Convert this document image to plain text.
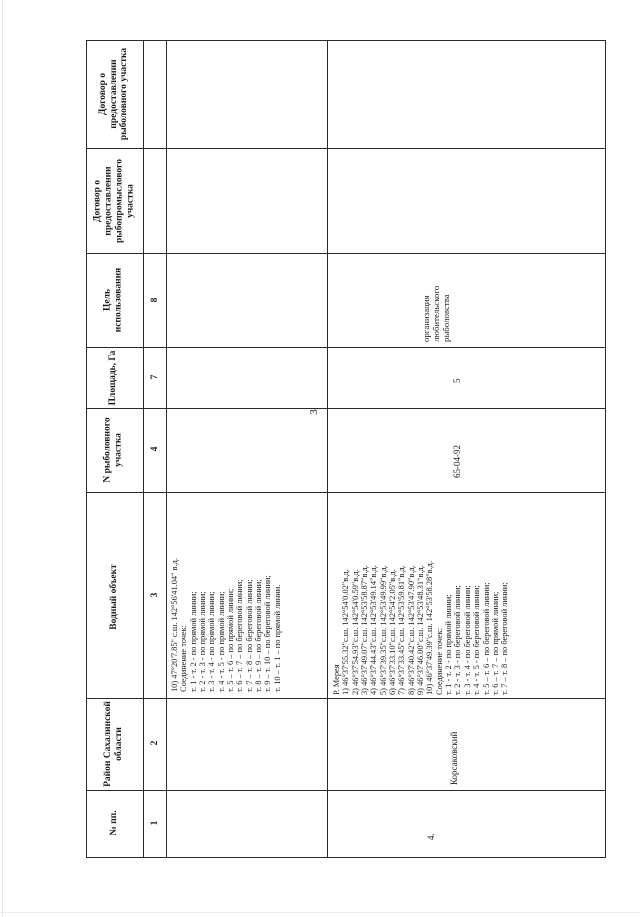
3
Договор о предоставлении рыболовного участка
Договор о предоставлении рыбопромыслового участка
Цель использования
Площадь, Га
N рыболовного участка
Водный объект
Район Сахалинской области
№ пп.
8
7
4
3
2
1
10) 47°20'7.85" с.ш. 142°56'41.04" в.д. Соединение точек: т. 1 - т. 2 - по прямой линии; т. 2 - т. 3 - по прямой линии; т. 3 - т. 4 - по прямой линии; т. 4 - т. 5 - по прямой линии; т. 5 – т. 6 – по прямой линии; т. 6 – т. 7 – по береговой линии; т. 7 – т. 8 – по береговой линии; т. 8 – т. 9 – по береговой линии; т. 9 – т. 10 – по береговой линии; т. 10 – т. 1 – по прямой линии.
4.
Корсаковский
65-04-92
5
организация любительского рыболовства
Р. Мерея 1) 46°37'55.32"с.ш. 142°54'0.02"в.д. 2) 46°37'54.93"с.ш. 142°54'0.59"в.д. 3) 46°37'49.07"с.ш. 142°53'58.87"в.д. 4) 46°37'44.43"с.ш. 142°53'49.14"в.д. 5) 46°37'39.35"с.ш. 142°53'49.99"в.д. 6) 46°37'33.10"с.ш. 142°54'2.05"в.д. 7) 46°37'33.45"с.ш. 142°53'59.81"в.д. 8) 46°37'40.42"с.ш. 142°53'47.90"в.д. 9) 46°37'46.00"с.ш. 142°53'48.31"в.д. 10) 46°37'49.39"с.ш. 142°53'58.28"в.д. Соединение точек: т. 1 - т. 2 - по прямой линии; т. 2 - т. 3 - по береговой линии; т. 3 - т. 4 - по береговой линии; т. 4 - т. 5 - по береговой линии; т. 5 – т. 6 – по береговой линии; т. 6 – т. 7 – по прямой линии; т. 7 – т. 8 – по береговой линии;
